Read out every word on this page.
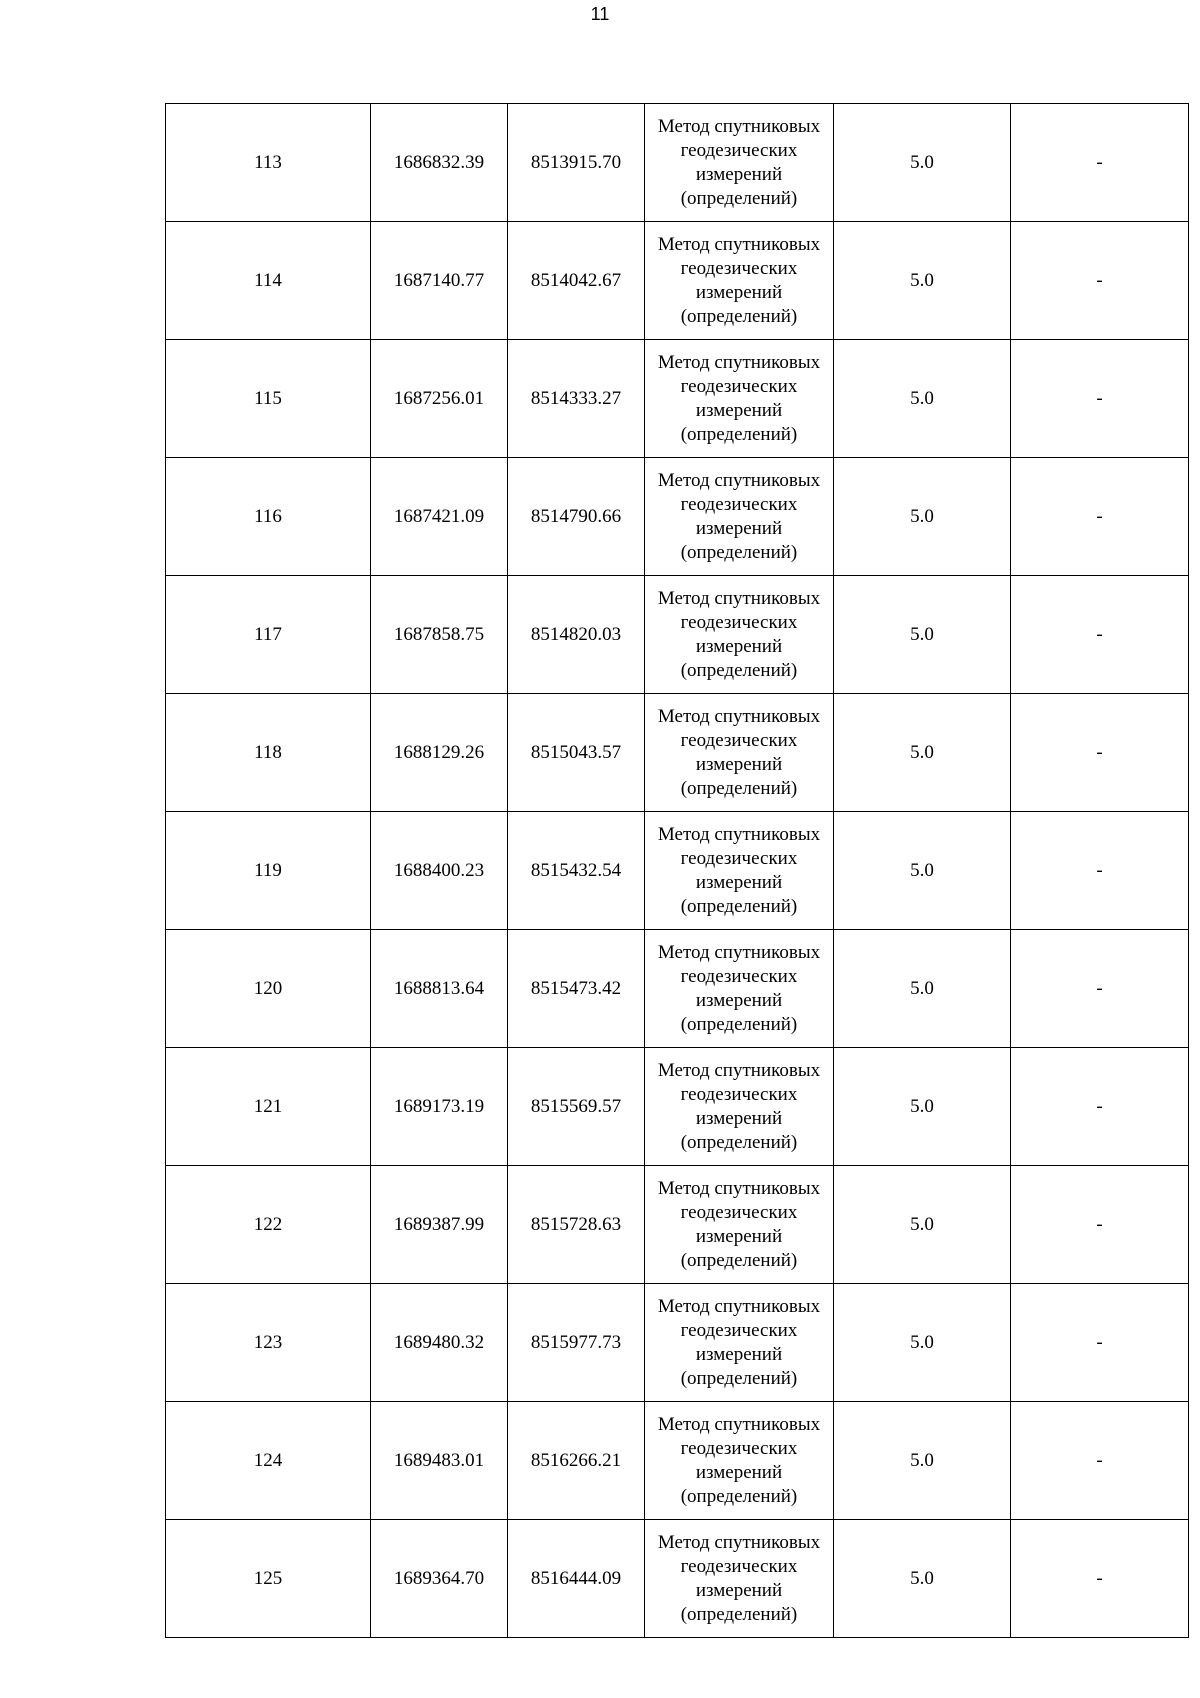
11
113	1686832.39	8513915.70	Метод спутниковых
геодезических
измерений
(определений)	5.0	-
114	1687140.77	8514042.67	Метод спутниковых
геодезических
измерений
(определений)	5.0	-
115	1687256.01	8514333.27	Метод спутниковых
геодезических
измерений
(определений)	5.0	-
116	1687421.09	8514790.66	Метод спутниковых
геодезических
измерений
(определений)	5.0	-
117	1687858.75	8514820.03	Метод спутниковых
геодезических
измерений
(определений)	5.0	-
118	1688129.26	8515043.57	Метод спутниковых
геодезических
измерений
(определений)	5.0	-
119	1688400.23	8515432.54	Метод спутниковых
геодезических
измерений
(определений)	5.0	-
120	1688813.64	8515473.42	Метод спутниковых
геодезических
измерений
(определений)	5.0	-
121	1689173.19	8515569.57	Метод спутниковых
геодезических
измерений
(определений)	5.0	-
122	1689387.99	8515728.63	Метод спутниковых
геодезических
измерений
(определений)	5.0	-
123	1689480.32	8515977.73	Метод спутниковых
геодезических
измерений
(определений)	5.0	-
124	1689483.01	8516266.21	Метод спутниковых
геодезических
измерений
(определений)	5.0	-
125	1689364.70	8516444.09	Метод спутниковых
геодезических
измерений
(определений)	5.0	-
